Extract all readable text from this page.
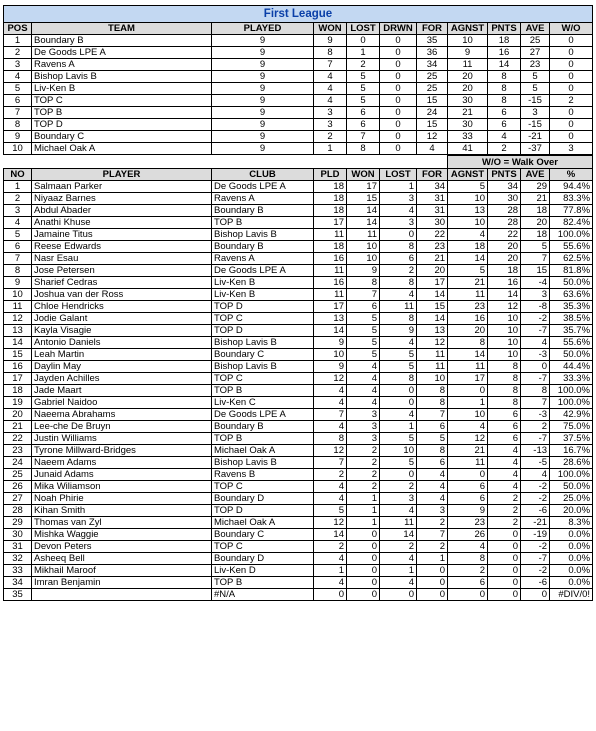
First League										
POS	TEAM	PLAYED	WON	LOST	DRWN	FOR	AGNST	PNTS	AVE	W/O
1	Boundary B	9	9	0	0	35	10	18	25	0
2	De Goods LPE A	9	8	1	0	36	9	16	27	0
3	Ravens A	9	7	2	0	34	11	14	23	0
4	Bishop Lavis B	9	4	5	0	25	20	8	5	0
5	Liv-Ken B	9	4	5	0	25	20	8	5	0
6	TOP C	9	4	5	0	15	30	8	-15	2
7	TOP B	9	3	6	0	24	21	6	3	0
8	TOP D	9	3	6	0	15	30	6	-15	0
9	Boundary C	9	2	7	0	12	33	4	-21	0
10	Michael Oak A	9	1	8	0	4	41	2	-37	3
							W/O = Walk Over			
NO	PLAYER	CLUB	PLD	WON	LOST	FOR	AGNST	PNTS	AVE	%
1	Salmaan Parker	De Goods LPE A	18	17	1	34	5	34	29	94.4%
2	Niyaaz Barnes	Ravens A	18	15	3	31	10	30	21	83.3%
3	Abdul Abader	Boundary B	18	14	4	31	13	28	18	77.8%
4	Anathi Khuse	TOP B	17	14	3	30	10	28	20	82.4%
5	Jamaine Titus	Bishop Lavis B	11	11	0	22	4	22	18	100.0%
6	Reese Edwards	Boundary B	18	10	8	23	18	20	5	55.6%
7	Nasr Esau	Ravens A	16	10	6	21	14	20	7	62.5%
8	Jose Petersen	De Goods LPE A	11	9	2	20	5	18	15	81.8%
9	Sharief Cedras	Liv-Ken B	16	8	8	17	21	16	-4	50.0%
10	Joshua van der Ross	Liv-Ken B	11	7	4	14	11	14	3	63.6%
11	Chloe Hendricks	TOP D	17	6	11	15	23	12	-8	35.3%
12	Jodie Galant	TOP C	13	5	8	14	16	10	-2	38.5%
13	Kayla Visagie	TOP D	14	5	9	13	20	10	-7	35.7%
14	Antonio Daniels	Bishop Lavis B	9	5	4	12	8	10	4	55.6%
15	Leah Martin	Boundary C	10	5	5	11	14	10	-3	50.0%
16	Daylin May	Bishop Lavis B	9	4	5	11	11	8	0	44.4%
17	Jayden Achilles	TOP C	12	4	8	10	17	8	-7	33.3%
18	Jade Maart	TOP B	4	4	0	8	0	8	8	100.0%
19	Gabriel Naidoo	Liv-Ken C	4	4	0	8	1	8	7	100.0%
20	Naeema Abrahams	De Goods LPE A	7	3	4	7	10	6	-3	42.9%
21	Lee-che De Bruyn	Boundary B	4	3	1	6	4	6	2	75.0%
22	Justin Williams	TOP B	8	3	5	5	12	6	-7	37.5%
23	Tyrone Millward-Bridges	Michael Oak A	12	2	10	8	21	4	-13	16.7%
24	Naeem Adams	Bishop Lavis B	7	2	5	6	11	4	-5	28.6%
25	Junaid Adams	Ravens B	2	2	0	4	0	4	4	100.0%
26	Mika Wiliamson	TOP C	4	2	2	4	6	4	-2	50.0%
27	Noah Phirie	Boundary D	4	1	3	4	6	2	-2	25.0%
28	Kihan Smith	TOP D	5	1	4	3	9	2	-6	20.0%
29	Thomas van Zyl	Michael Oak A	12	1	11	2	23	2	-21	8.3%
30	Mishka Waggie	Boundary C	14	0	14	7	26	0	-19	0.0%
31	Devon Peters	TOP C	2	0	2	2	4	0	-2	0.0%
32	Asheeq Bell	Boundary D	4	0	4	1	8	0	-7	0.0%
33	Mikhail Maroof	Liv-Ken D	1	0	1	0	2	0	-2	0.0%
34	Imran Benjamin	TOP B	4	0	4	0	6	0	-6	0.0%
35		#N/A	0	0	0	0	0	0	0	#DIV/0!
